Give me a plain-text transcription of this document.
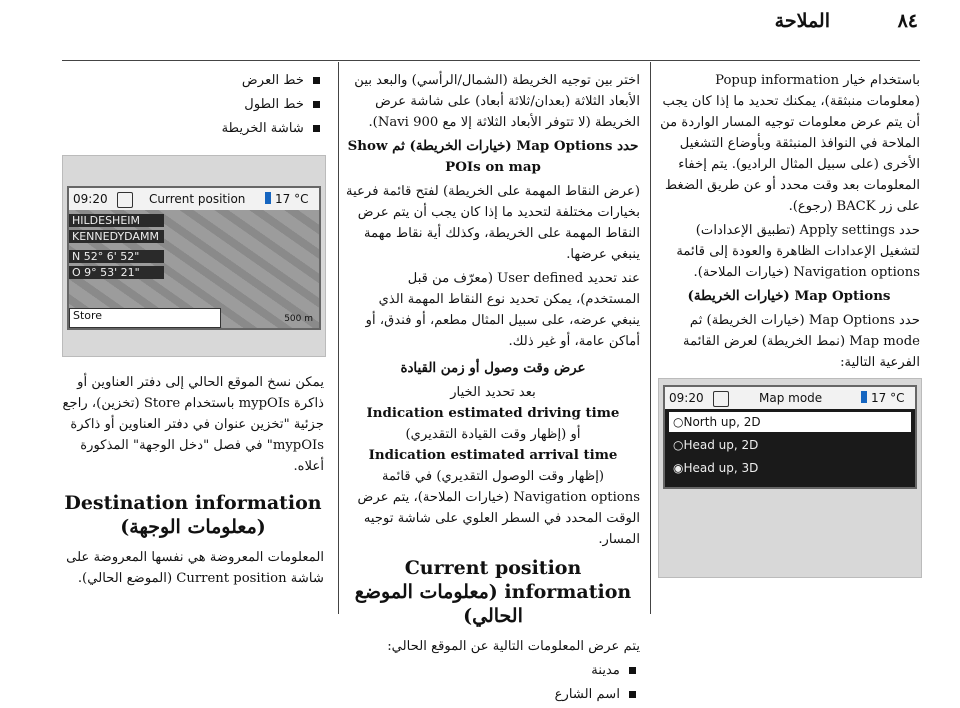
الملاحة	٨٤

خط العرض

خط الطول

شاشة الخريطة

09:20	Current position 17 °C
HILDESHEIM
KENNEDYDAMM
N 52° 6' 52"
O 9° 53' 21"
Store	500 m

يمكن نسخ الموقع الحالي إلى دفتر العناوين أو ذاكرة mypOIs باستخدام Store (تخزين)، راجع جزئية "تخزين عنوان في دفتر العناوين أو ذاكرة mypOIs" في فصل "دخل الوجهة" المذكورة أعلاه.

Destination information (معلومات الوجهة)

المعلومات المعروضة هي نفسها المعروضة على شاشة Current position (الموضع الحالي).

اختر بين توجيه الخريطة (الشمال/الرأسي) والبعد بين الأبعاد الثلاثة (بعدان/ثلاثة أبعاد) على شاشة عرض الخريطة (لا تتوفر الأبعاد الثلاثة إلا مع Navi 900).

حدد Map Options (خيارات الخريطة) ثم Show POIs on map

(عرض النقاط المهمة على الخريطة) لفتح قائمة فرعية بخيارات مختلفة لتحديد ما إذا كان يجب أن يتم عرض النقاط المهمة على الخريطة، وكذلك أية نقاط مهمة ينبغي عرضها.

عند تحديد User defined (معرّف من قبل المستخدم)، يمكن تحديد نوع النقاط المهمة الذي ينبغي عرضه، على سبيل المثال مطعم، أو فندق، أو أماكن عامة، أو غير ذلك.

عرض وقت وصول أو زمن القيادة

بعد تحديد الخيار

Indication estimated driving time

أو (إظهار وقت القيادة التقديري)

Indication estimated arrival time

(إظهار وقت الوصول التقديري) في قائمة

Navigation options (خيارات الملاحة)، يتم عرض الوقت المحدد في السطر العلوي على شاشة توجيه المسار.

Current position information (معلومات الموضع الحالي)

يتم عرض المعلومات التالية عن الموقع الحالي:

مدينة

اسم الشارع

باستخدام خيار Popup information (معلومات منبثقة)، يمكنك تحديد ما إذا كان يجب أن يتم عرض معلومات توجيه المسار الواردة من الملاحة في النوافذ المنبثقة وبأوضاع التشغيل الأخرى (على سبيل المثال الراديو). يتم إخفاء المعلومات بعد وقت محدد أو عن طريق الضغط على زر BACK (رجوع).

حدد Apply settings (تطبيق الإعدادات) لتشغيل الإعدادات الظاهرة والعودة إلى قائمة Navigation options (خيارات الملاحة).

Map Options (خيارات الخريطة)

حدد Map Options (خيارات الخريطة) ثم Map mode (نمط الخريطة) لعرض القائمة الفرعية التالية:

09:20	Map mode	17 °C
○North up, 2D
○Head up, 2D
◉Head up, 3D
